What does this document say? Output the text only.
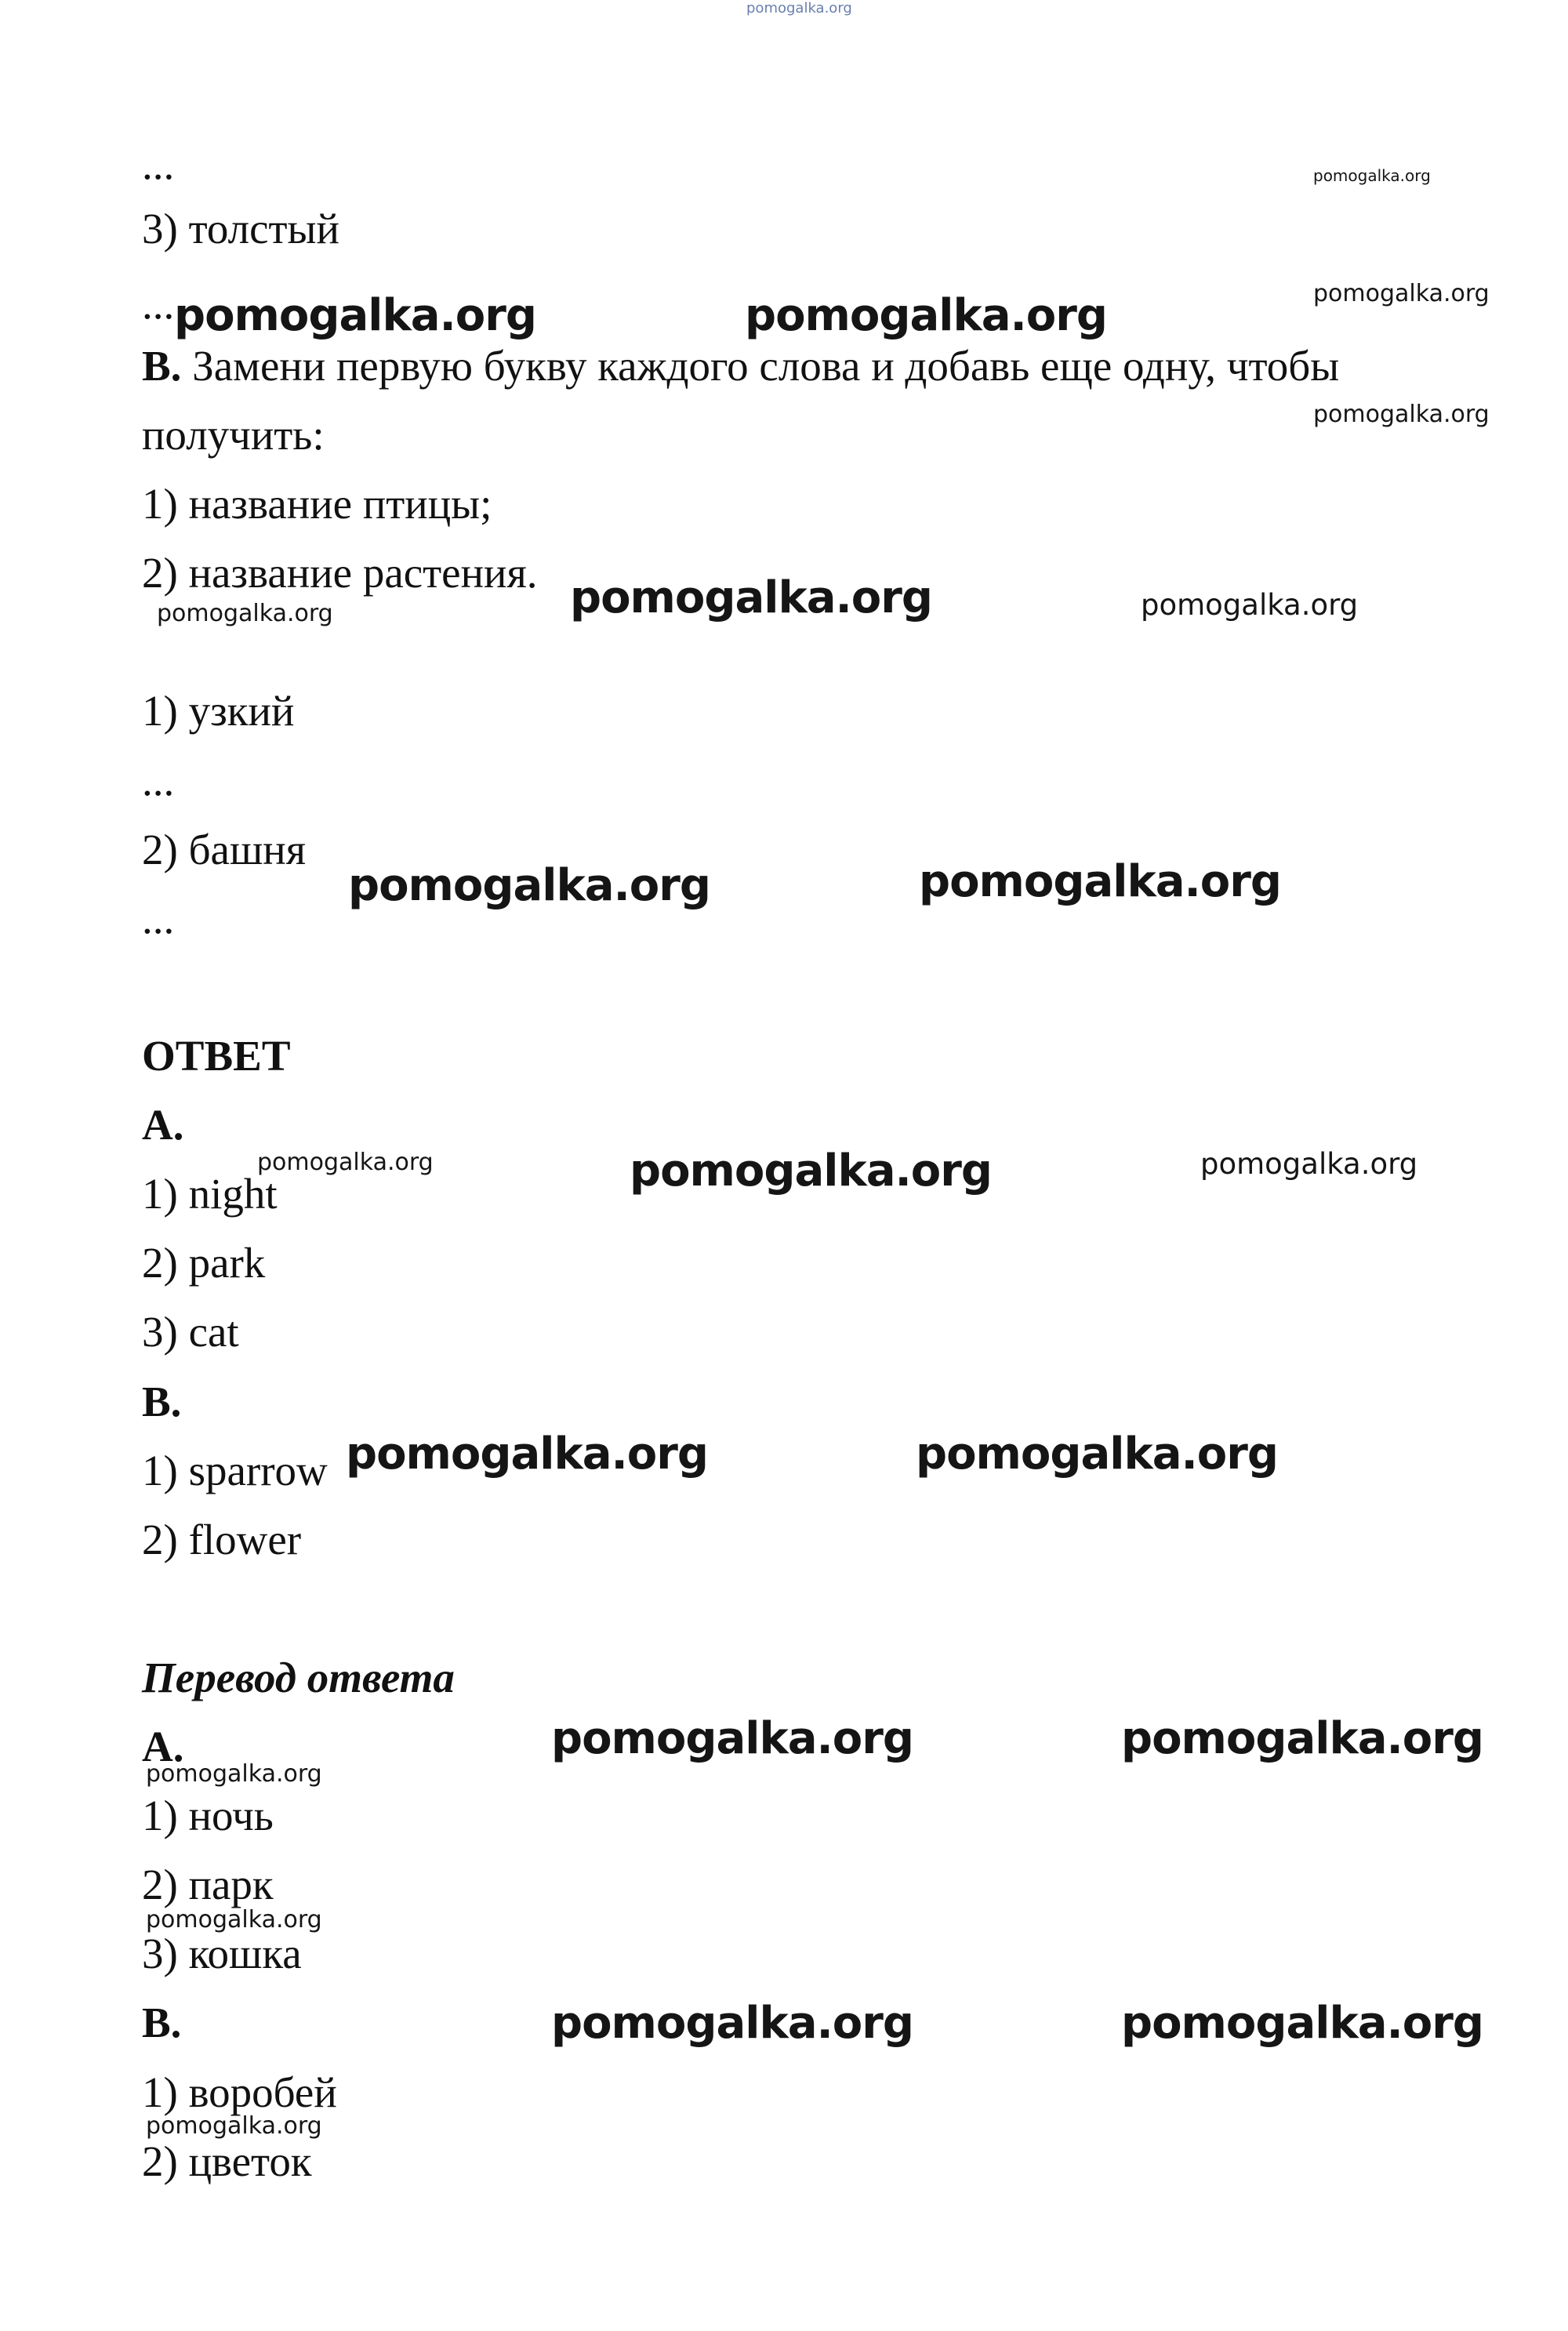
pomogalka.org

...

3) толстый

...

B. Замени первую букву каждого слова и добавь еще одну, чтобы

получить:

1) название птицы;

2) название растения.

1) узкий

...

2) башня

...

ОТВЕТ

A.

1) night

2) park

3) cat

B.

1) sparrow

2) flower

Перевод ответа

A.

1) ночь

2) парк

3) кошка

B.

1) воробей

2) цветок

pomogalka.org
pomogalka.org	pomogalka.org	pomogalka.org
pomogalka.org
pomogalka.org	pomogalka.org	pomogalka.org
pomogalka.org	pomogalka.org
pomogalka.org	pomogalka.org	pomogalka.org
pomogalka.org	pomogalka.org
pomogalka.org	pomogalka.org
pomogalka.org
pomogalka.org
pomogalka.org	pomogalka.org
pomogalka.org
